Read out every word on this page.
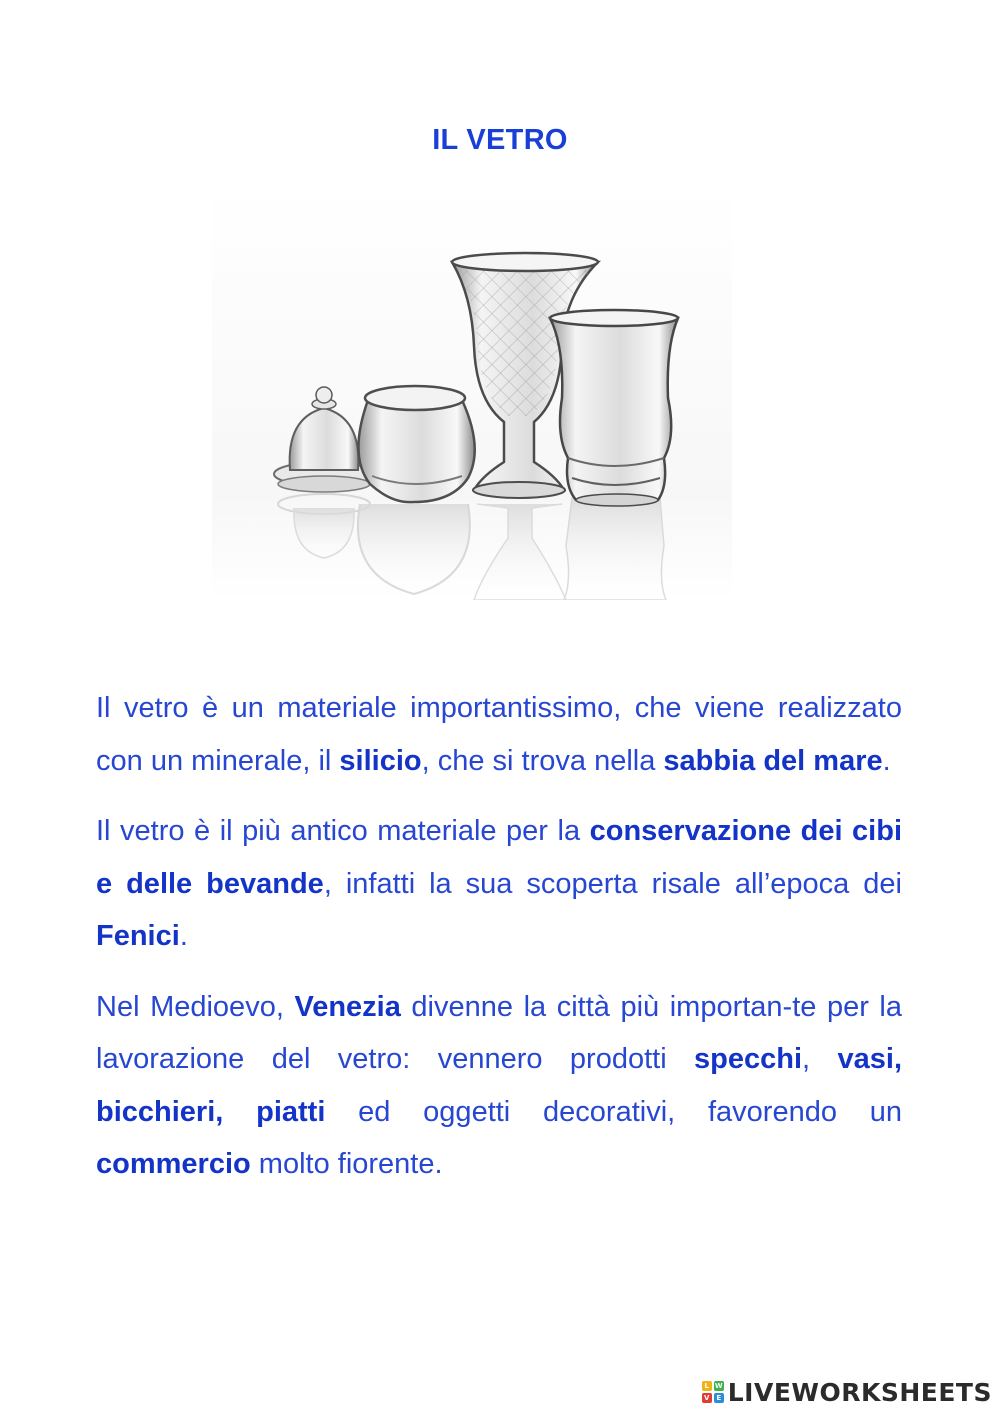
IL VETRO

Il vetro è un materiale importantissimo, che viene realizzato con un minerale, il silicio, che si trova nella sabbia del mare.

Il vetro è il più antico materiale per la conservazione dei cibi e delle bevande, infatti la sua scoperta risale all’epoca dei Fenici.

Nel Medioevo, Venezia divenne la città più importan-te per la lavorazione del vetro: vennero prodotti specchi, vasi, bicchieri, piatti ed oggetti decorativi, favorendo un commercio molto fiorente.

L W
V E LIVEWORKSHEETS
